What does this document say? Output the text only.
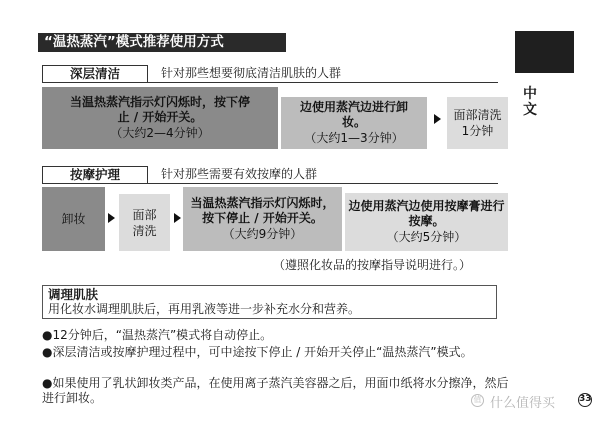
“温热蒸汽”模式推荐使用方式
中文
深层清洁	针对那些想要彻底清洁肌肤的人群
当温热蒸汽指示灯闪烁时，按下停止 / 开始开关。
（大约2—4分钟）
边使用蒸汽边进行卸妆。
（大约1—3分钟）
面部清洗
1分钟
按摩护理	针对那些需要有效按摩的人群
卸妆	面部清洗
当温热蒸汽指示灯闪烁时，按下停止 / 开始开关。
（大约9分钟）
边使用蒸汽边使用按摩膏进行按摩。
（大约5分钟）
（遵照化妆品的按摩指导说明进行。）
调理肌肤
用化妆水调理肌肤后，再用乳液等进一步补充水分和营养。
●12分钟后，“温热蒸汽”模式将自动停止。
●深层清洁或按摩护理过程中，可中途按下停止 / 开始开关停止“温热蒸汽”模式。
●如果使用了乳状卸妆类产品，在使用离子蒸汽美容器之后，用面巾纸将水分擦净，然后进行卸妆。	值 什么值得买	33
